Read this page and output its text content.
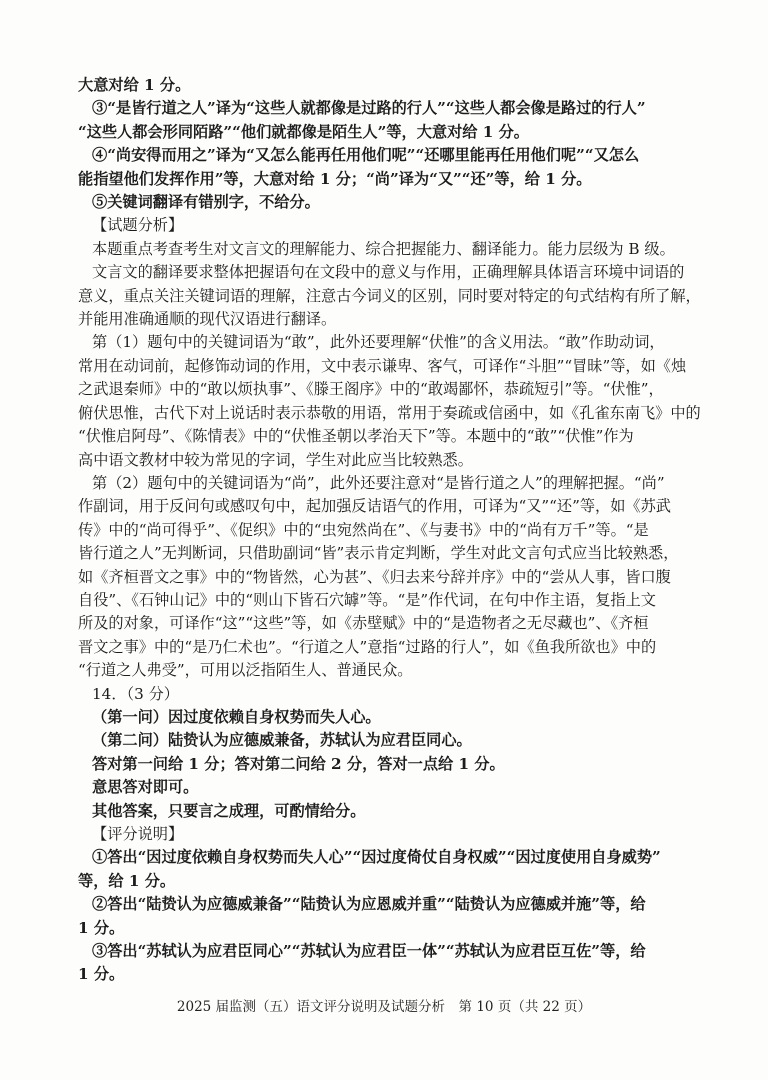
大意对给 1 分。
③“是皆行道之人”译为“这些人就都像是过路的行人”“这些人都会像是路过的行人”
“这些人都会形同陌路”“他们就都像是陌生人”等，大意对给 1 分。
④“尚安得而用之”译为“又怎么能再任用他们呢”“还哪里能再任用他们呢”“又怎么
能指望他们发挥作用”等，大意对给 1 分；“尚”译为“又”“还”等，给 1 分。
⑤关键词翻译有错别字，不给分。
【试题分析】
本题重点考查考生对文言文的理解能力、综合把握能力、翻译能力。能力层级为 B 级。
文言文的翻译要求整体把握语句在文段中的意义与作用，正确理解具体语言环境中词语的
意义，重点关注关键词语的理解，注意古今词义的区别，同时要对特定的句式结构有所了解，
并能用准确通顺的现代汉语进行翻译。
第（1）题句中的关键词语为“敢”，此外还要理解“伏惟”的含义用法。“敢”作助动词，
常用在动词前，起修饰动词的作用，文中表示谦卑、客气，可译作“斗胆”“冒昧”等，如《烛
之武退秦师》中的“敢以烦执事”、《滕王阁序》中的“敢竭鄙怀，恭疏短引”等。“伏惟”，
俯伏思惟，古代下对上说话时表示恭敬的用语，常用于奏疏或信函中，如《孔雀东南飞》中的
“伏惟启阿母”、《陈情表》中的“伏惟圣朝以孝治天下”等。本题中的“敢”“伏惟”作为
高中语文教材中较为常见的字词，学生对此应当比较熟悉。
第（2）题句中的关键词语为“尚”，此外还要注意对“是皆行道之人”的理解把握。“尚”
作副词，用于反问句或感叹句中，起加强反诘语气的作用，可译为“又”“还”等，如《苏武
传》中的“尚可得乎”、《促织》中的“虫宛然尚在”、《与妻书》中的“尚有万千”等。“是
皆行道之人”无判断词，只借助副词“皆”表示肯定判断，学生对此文言句式应当比较熟悉，
如《齐桓晋文之事》中的“物皆然，心为甚”、《归去来兮辞并序》中的“尝从人事，皆口腹
自役”、《石钟山记》中的“则山下皆石穴罅”等。“是”作代词，在句中作主语，复指上文
所及的对象，可译作“这”“这些”等，如《赤壁赋》中的“是造物者之无尽藏也”、《齐桓
晋文之事》中的“是乃仁术也”。“行道之人”意指“过路的行人”，如《鱼我所欲也》中的
“行道之人弗受”，可用以泛指陌生人、普通民众。
14．（3 分）
（第一问）因过度依赖自身权势而失人心。
（第二问）陆贽认为应德威兼备，苏轼认为应君臣同心。
答对第一问给 1 分；答对第二问给 2 分，答对一点给 1 分。
意思答对即可。
其他答案，只要言之成理，可酌情给分。
【评分说明】
①答出“因过度依赖自身权势而失人心”“因过度倚仗自身权威”“因过度使用自身威势”
等，给 1 分。
②答出“陆贽认为应德威兼备”“陆贽认为应恩威并重”“陆贽认为应德威并施”等，给
1 分。
③答出“苏轼认为应君臣同心”“苏轼认为应君臣一体”“苏轼认为应君臣互佐”等，给
1 分。
2025 届监测（五）语文评分说明及试题分析　第 10 页（共 22 页）
